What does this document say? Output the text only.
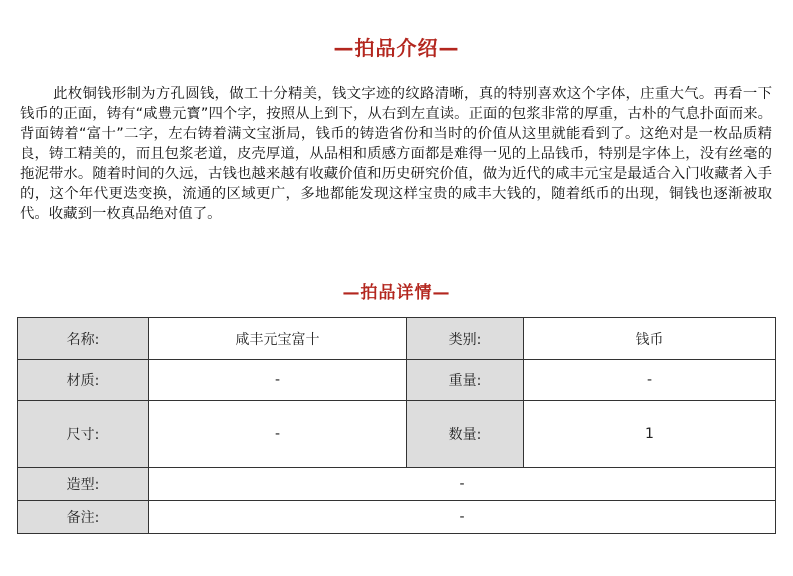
—拍品介绍—

此枚铜钱形制为方孔圆钱，做工十分精美，钱文字迹的纹路清晰，真的特别喜欢这个字体，庄重大气。再看一下钱币的正面，铸有“咸豊元寳”四个字，按照从上到下，从右到左直读。正面的包浆非常的厚重，古朴的气息扑面而来。背面铸着“富十”二字，左右铸着满文宝浙局，钱币的铸造省份和当时的价值从这里就能看到了。这绝对是一枚品质精良，铸工精美的，而且包浆老道，皮壳厚道，从品相和质感方面都是难得一见的上品钱币，特别是字体上，没有丝毫的拖泥带水。随着时间的久远，古钱也越来越有收藏价值和历史研究价值，做为近代的咸丰元宝是最适合入门收藏者入手的，这个年代更迭变换，流通的区域更广，多地都能发现这样宝贵的咸丰大钱的，随着纸币的出现，铜钱也逐渐被取代。收藏到一枚真品绝对值了。

—拍品详情—
名称:	咸丰元宝富十	类别:	钱币
材质:	-	重量:	-
尺寸:	-	数量:	1
造型:	-		
备注:	-		
